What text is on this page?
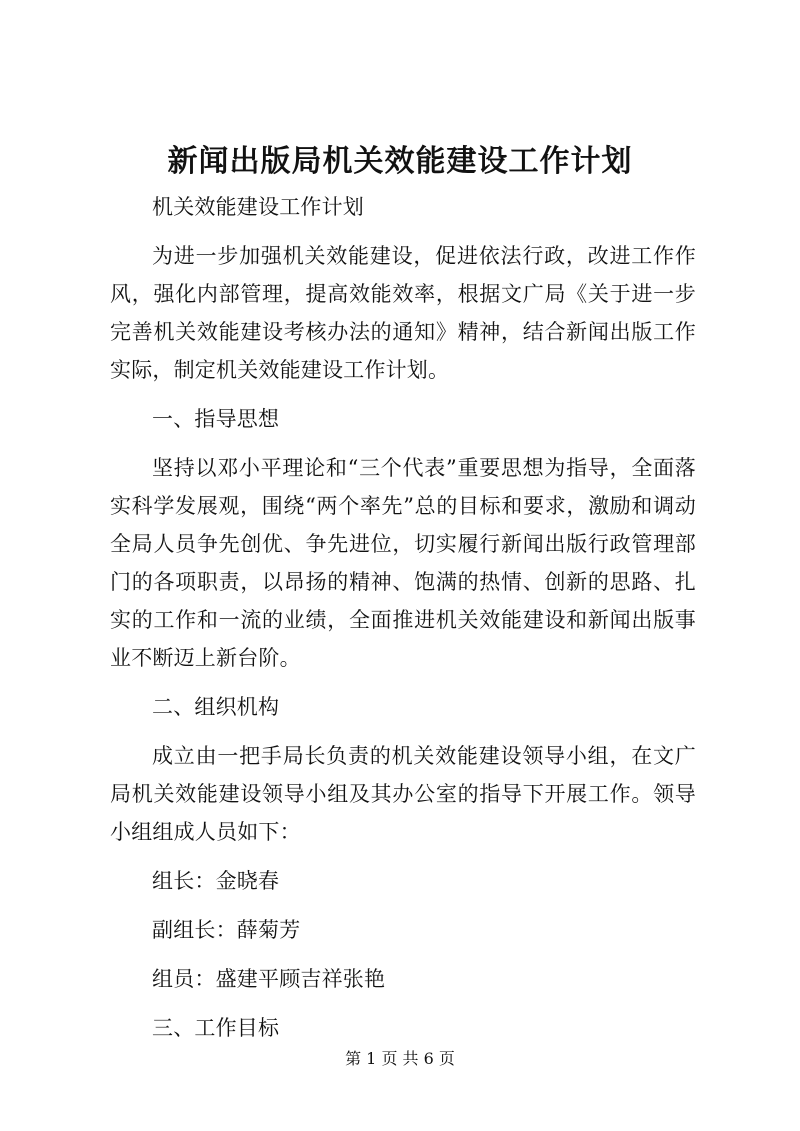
新闻出版局机关效能建设工作计划

机关效能建设工作计划

为进一步加强机关效能建设，促进依法行政，改进工作作风，强化内部管理，提高效能效率，根据文广局《关于进一步完善机关效能建设考核办法的通知》精神，结合新闻出版工作实际，制定机关效能建设工作计划。

一、指导思想

坚持以邓小平理论和“三个代表”重要思想为指导，全面落实科学发展观，围绕“两个率先”总的目标和要求，激励和调动全局人员争先创优、争先进位，切实履行新闻出版行政管理部门的各项职责，以昂扬的精神、饱满的热情、创新的思路、扎实的工作和一流的业绩，全面推进机关效能建设和新闻出版事业不断迈上新台阶。

二、组织机构

成立由一把手局长负责的机关效能建设领导小组，在文广局机关效能建设领导小组及其办公室的指导下开展工作。领导小组组成人员如下：

组长：金晓春

副组长：薛菊芳

组员：盛建平顾吉祥张艳

三、工作目标

第 1 页 共 6 页
